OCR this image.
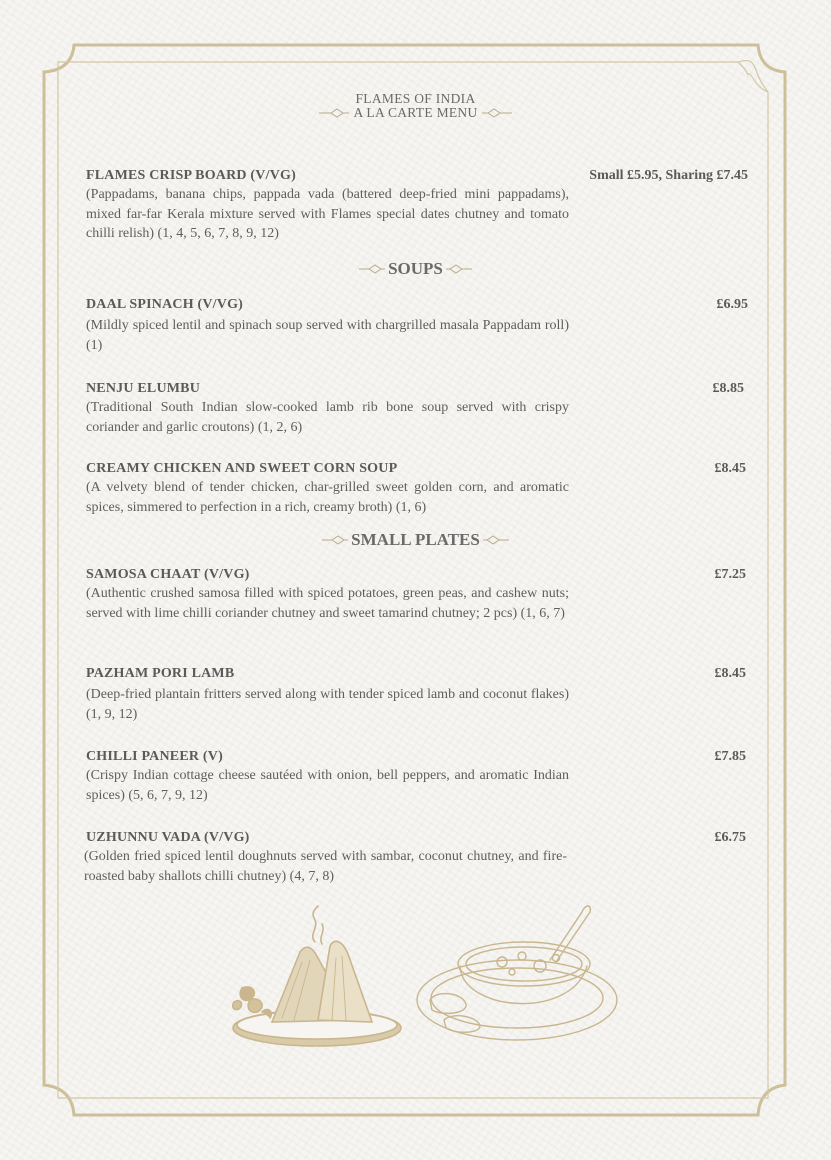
FLAMES OF INDIA
A LA CARTE MENU
FLAMES CRISP BOARD (V/VG)	Small £5.95, Sharing £7.45
(Pappadams, banana chips, pappada vada (battered deep-fried mini pappadams), mixed far-far Kerala mixture served with Flames special dates chutney and tomato chilli relish) (1, 4, 5, 6, 7, 8, 9, 12)
SOUPS
DAAL SPINACH (V/VG)	£6.95
(Mildly spiced lentil and spinach soup served with chargrilled masala Pappadam roll) (1)
NENJU ELUMBU	£8.85
(Traditional South Indian slow-cooked lamb rib bone soup served with crispy coriander and garlic croutons) (1, 2, 6)
CREAMY CHICKEN AND SWEET CORN SOUP	£8.45
(A velvety blend of tender chicken, char-grilled sweet golden corn, and aromatic spices, simmered to perfection in a rich, creamy broth) (1, 6)
SMALL PLATES
SAMOSA CHAAT (V/VG)	£7.25
(Authentic crushed samosa filled with spiced potatoes, green peas, and cashew nuts; served with lime chilli coriander chutney and sweet tamarind chutney; 2 pcs) (1, 6, 7)
PAZHAM PORI LAMB	£8.45
(Deep-fried plantain fritters served along with tender spiced lamb and coconut flakes) (1, 9, 12)
CHILLI PANEER (V)	£7.85
(Crispy Indian cottage cheese sautéed with onion, bell peppers, and aromatic Indian spices) (5, 6, 7, 9, 12)
UZHUNNU VADA (V/VG)	£6.75
(Golden fried spiced lentil doughnuts served with sambar, coconut chutney, and fire-roasted baby shallots chilli chutney) (4, 7, 8)
